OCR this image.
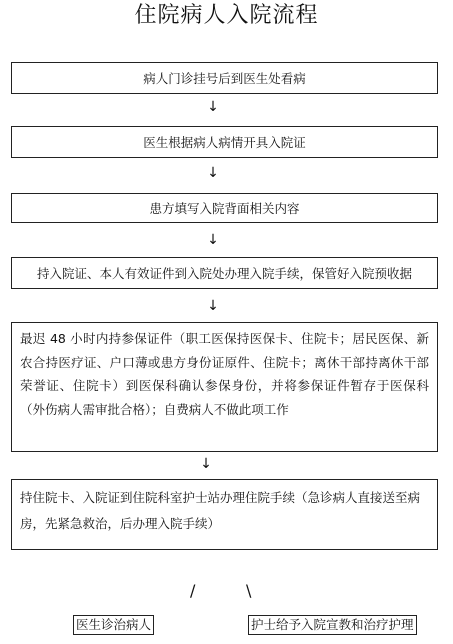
住院病人入院流程
病人门诊挂号后到医生处看病
↓
医生根据病人病情开具入院证
↓
患方填写入院背面相关内容
↓
持入院证、本人有效证件到入院处办理入院手续，保管好入院预收据
↓
最迟 48 小时内持参保证件（职工医保持医保卡、住院卡；居民医保、新农合持医疗证、户口薄或患方身份证原件、住院卡；离休干部持离休干部荣誉证、住院卡）到医保科确认参保身份，并将参保证件暂存于医保科（外伤病人需审批合格）；自费病人不做此项工作
↓
持住院卡、入院证到住院科室护士站办理住院手续（急诊病人直接送至病房，先紧急救治，后办理入院手续）
/	\
医生诊治病人	护士给予入院宣教和治疗护理
